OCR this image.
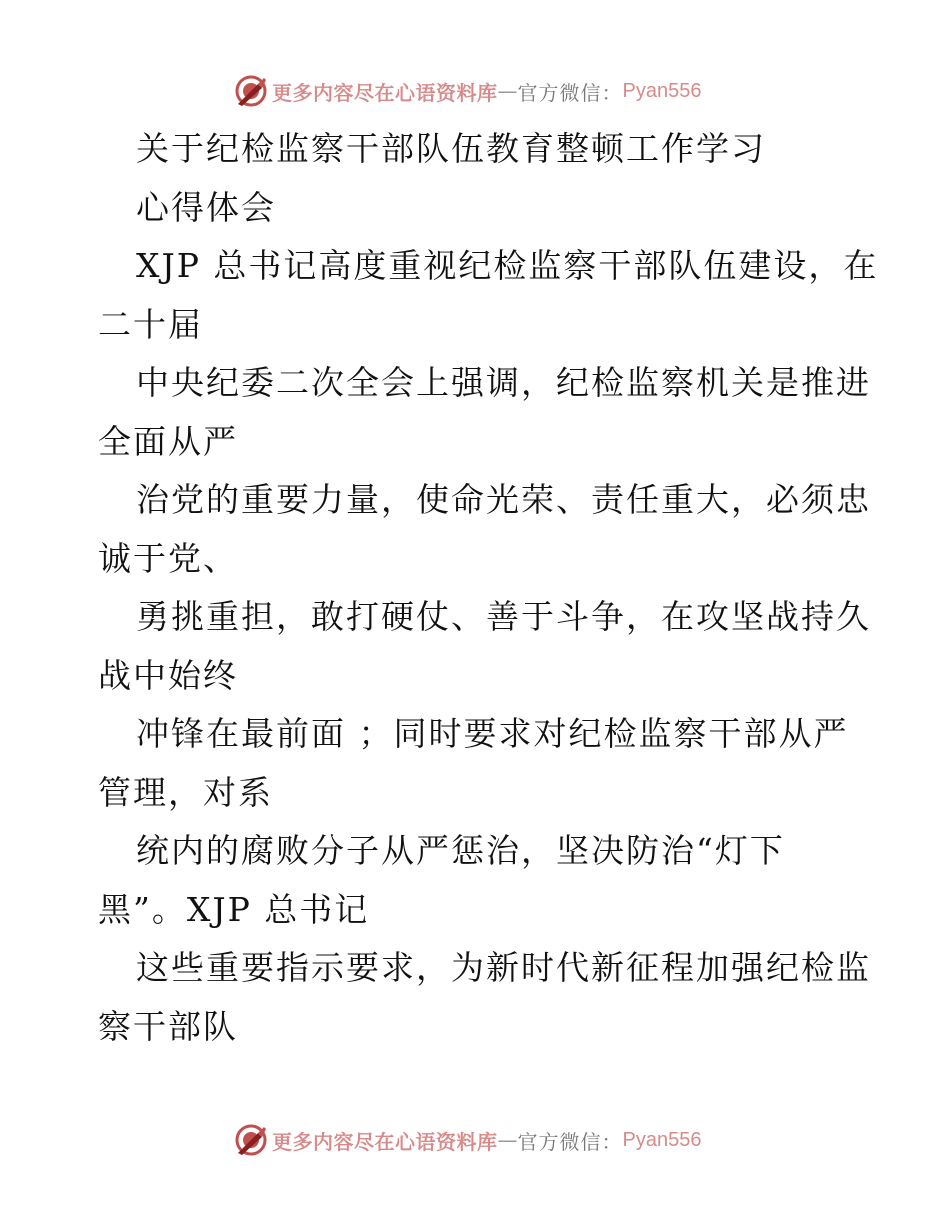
更多内容尽在心语资料库 — 官方微信： Pyan556
关于纪检监察干部队伍教育整顿工作学习
心得体会
XJP 总书记高度重视纪检监察干部队伍建设，在
二十届
中央纪委二次全会上强调，纪检监察机关是推进
全面从严
治党的重要力量，使命光荣、责任重大，必须忠
诚于党、
勇挑重担，敢打硬仗、善于斗争，在攻坚战持久
战中始终
冲锋在最前面 ；同时要求对纪检监察干部从严
管理，对系
统内的腐败分子从严惩治，坚决防治“灯下
黑”。XJP 总书记
这些重要指示要求，为新时代新征程加强纪检监
察干部队
更多内容尽在心语资料库 — 官方微信： Pyan556
